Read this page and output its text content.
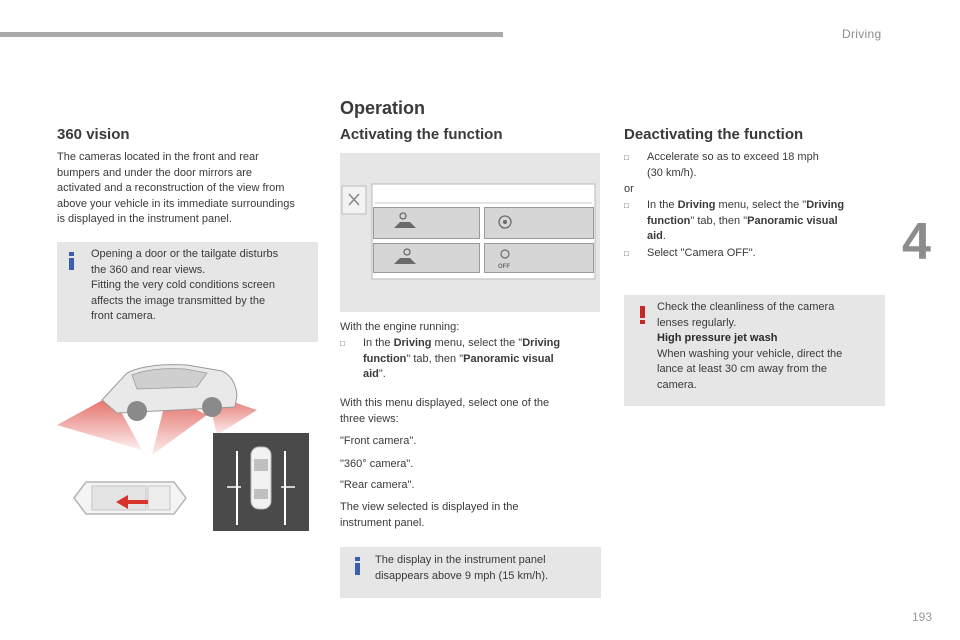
Driving
4
360 vision
The cameras located in the front and rear
bumpers and under the door mirrors are
activated and a reconstruction of the view from
above your vehicle in its immediate surroundings
is displayed in the instrument panel.
Opening a door or the tailgate disturbs
the 360 and rear views.
Fitting the very cold conditions screen
affects the image transmitted by the
front camera.
Operation
Activating the function
OFF
With the engine running:
□ In the Driving menu, select the "Driving
function" tab, then "Panoramic visual
aid".
With this menu displayed, select one of the
three views:
"Front camera".
"360° camera".
"Rear camera".
The view selected is displayed in the
instrument panel.
The display in the instrument panel
disappears above 9 mph (15 km/h).
Deactivating the function
□ Accelerate so as to exceed 18 mph
(30 km/h).
or
□ In the Driving menu, select the "Driving
function" tab, then "Panoramic visual
aid.
□	Select "Camera OFF".
Check the cleanliness of the camera
lenses regularly.
High pressure jet wash
When washing your vehicle, direct the
lance at least 30 cm away from the
camera.
193
